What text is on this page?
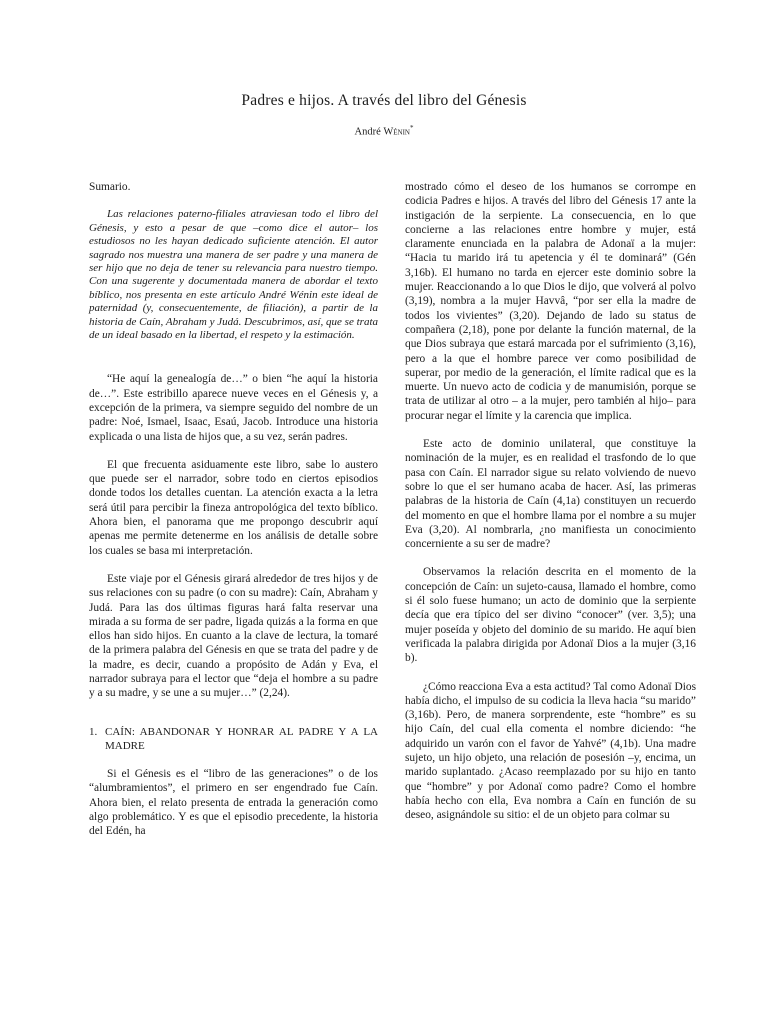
Padres e hijos. A través del libro del Génesis
André Wénin*

Sumario.

Las relaciones paterno-filiales atraviesan todo el libro del Génesis, y esto a pesar de que –como dice el autor– los estudiosos no les hayan dedicado suficiente atención. El autor sagrado nos muestra una manera de ser padre y una manera de ser hijo que no deja de tener su relevancia para nuestro tiempo. Con una sugerente y documentada manera de abordar el texto bíblico, nos presenta en este artículo André Wénin este ideal de paternidad (y, consecuentemente, de filiación), a partir de la historia de Caín, Abraham y Judá. Descubrimos, así, que se trata de un ideal basado en la libertad, el respeto y la estimación.

“He aquí la genealogía de…” o bien “he aquí la historia de…”. Este estribillo aparece nueve veces en el Génesis y, a excepción de la primera, va siempre seguido del nombre de un padre: Noé, Ismael, Isaac, Esaú, Jacob. Introduce una historia explicada o una lista de hijos que, a su vez, serán padres.

El que frecuenta asiduamente este libro, sabe lo austero que puede ser el narrador, sobre todo en ciertos episodios donde todos los detalles cuentan. La atención exacta a la letra será útil para percibir la fineza antropológica del texto bíblico. Ahora bien, el panorama que me propongo descubrir aquí apenas me permite detenerme en los análisis de detalle sobre los cuales se basa mi interpretación.

Este viaje por el Génesis girará alrededor de tres hijos y de sus relaciones con su padre (o con su madre): Caín, Abraham y Judá. Para las dos últimas figuras hará falta reservar una mirada a su forma de ser padre, ligada quizás a la forma en que ellos han sido hijos. En cuanto a la clave de lectura, la tomaré de la primera palabra del Génesis en que se trata del padre y de la madre, es decir, cuando a propósito de Adán y Eva, el narrador subraya para el lector que “deja el hombre a su padre y a su madre, y se une a su mujer…” (2,24).

1. CAÍN: ABANDONAR Y HONRAR AL PADRE Y A LA MADRE

Si el Génesis es el “libro de las generaciones” o de los “alumbramientos”, el primero en ser engendrado fue Caín. Ahora bien, el relato presenta de entrada la generación como algo problemático. Y es que el episodio precedente, la historia del Edén, ha

mostrado cómo el deseo de los humanos se corrompe en codicia Padres e hijos. A través del libro del Génesis 17 ante la instigación de la serpiente. La consecuencia, en lo que concierne a las relaciones entre hombre y mujer, está claramente enunciada en la palabra de Adonaï a la mujer: “Hacia tu marido irá tu apetencia y él te dominará” (Gén 3,16b). El humano no tarda en ejercer este dominio sobre la mujer. Reaccionando a lo que Dios le dijo, que volverá al polvo (3,19), nombra a la mujer Havvâ, “por ser ella la madre de todos los vivientes” (3,20). Dejando de lado su status de compañera (2,18), pone por delante la función maternal, de la que Dios subraya que estará marcada por el sufrimiento (3,16), pero a la que el hombre parece ver como posibilidad de superar, por medio de la generación, el límite radical que es la muerte. Un nuevo acto de codicia y de manumisión, porque se trata de utilizar al otro – a la mujer, pero también al hijo– para procurar negar el límite y la carencia que implica.

Este acto de dominio unilateral, que constituye la nominación de la mujer, es en realidad el trasfondo de lo que pasa con Caín. El narrador sigue su relato volviendo de nuevo sobre lo que el ser humano acaba de hacer. Así, las primeras palabras de la historia de Caín (4,1a) constituyen un recuerdo del momento en que el hombre llama por el nombre a su mujer Eva (3,20). Al nombrarla, ¿no manifiesta un conocimiento concerniente a su ser de madre?

Observamos la relación descrita en el momento de la concepción de Caín: un sujeto-causa, llamado el hombre, como si él solo fuese humano; un acto de dominio que la serpiente decía que era típico del ser divino “conocer” (ver. 3,5); una mujer poseída y objeto del dominio de su marido. He aquí bien verificada la palabra dirigida por Adonaï Dios a la mujer (3,16 b).

¿Cómo reacciona Eva a esta actitud? Tal como Adonaï Dios había dicho, el impulso de su codicia la lleva hacia “su marido” (3,16b). Pero, de manera sorprendente, este “hombre” es su hijo Caín, del cual ella comenta el nombre diciendo: “he adquirido un varón con el favor de Yahvé” (4,1b). Una madre sujeto, un hijo objeto, una relación de posesión –y, encima, un marido suplantado. ¿Acaso reemplazado por su hijo en tanto que “hombre” y por Adonaï como padre? Como el hombre había hecho con ella, Eva nombra a Caín en función de su deseo, asignándole su sitio: el de un objeto para colmar su
